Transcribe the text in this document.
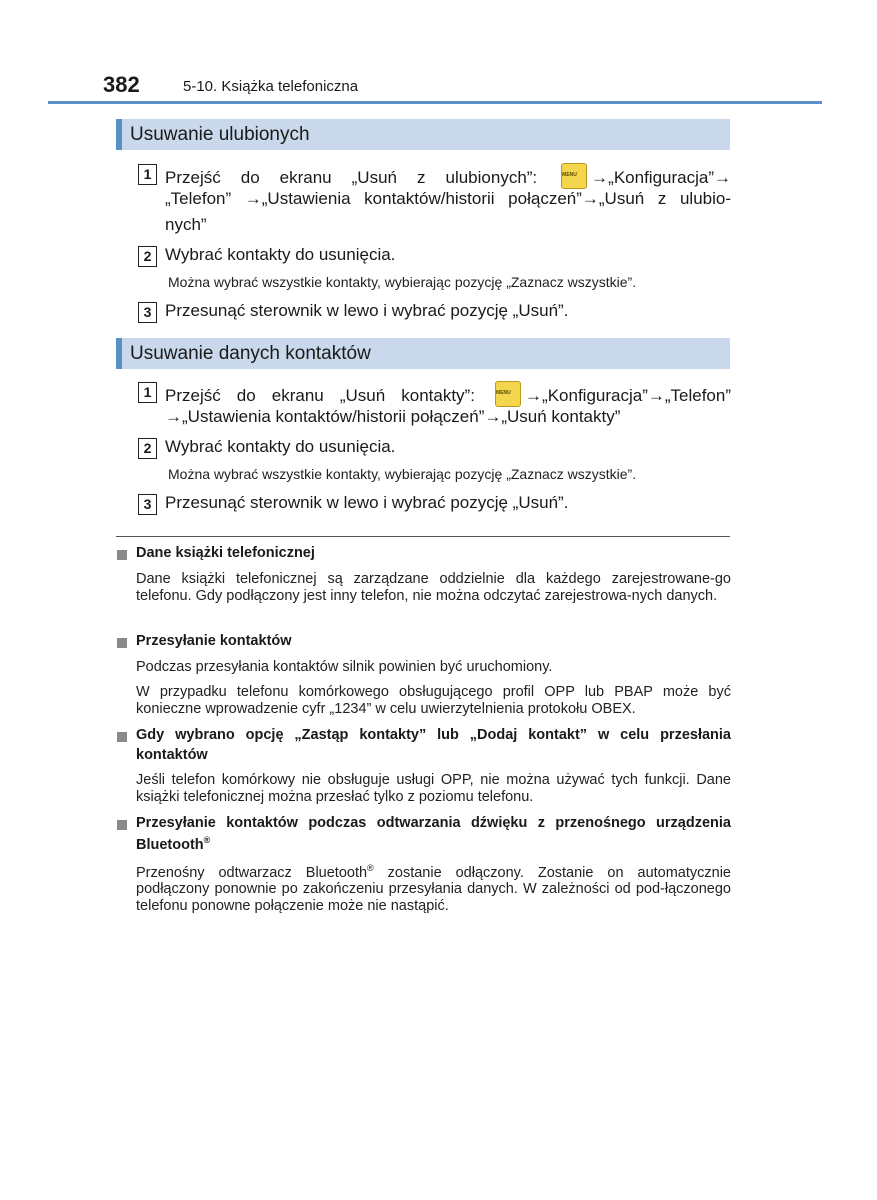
382	5-10. Książka telefoniczna
Usuwanie ulubionych
1 Przejść do ekranu „Usuń z ulubionych”:	MENU →„Konfiguracja”→
„Telefon” →„Ustawienia kontaktów/historii połączeń”→„Usuń z ulubio-
nych”
2 Wybrać kontakty do usunięcia.
Można wybrać wszystkie kontakty, wybierając pozycję „Zaznacz wszystkie”.
3 Przesunąć sterownik w lewo i wybrać pozycję „Usuń”.
Usuwanie danych kontaktów
1 Przejść do ekranu „Usuń kontakty”:	MENU →„Konfiguracja”→„Telefon”
→„Ustawienia kontaktów/historii połączeń”→„Usuń kontakty”
2 Wybrać kontakty do usunięcia.
Można wybrać wszystkie kontakty, wybierając pozycję „Zaznacz wszystkie”.
3 Przesunąć sterownik w lewo i wybrać pozycję „Usuń”.
Dane książki telefonicznej
Dane książki telefonicznej są zarządzane oddzielnie dla każdego zarejestrowane-go telefonu. Gdy podłączony jest inny telefon, nie można odczytać zarejestrowa-nych danych.
Przesyłanie kontaktów
Podczas przesyłania kontaktów silnik powinien być uruchomiony.
W przypadku telefonu komórkowego obsługującego profil OPP lub PBAP może być konieczne wprowadzenie cyfr „1234” w celu uwierzytelnienia protokołu OBEX.
Gdy wybrano opcję „Zastąp kontakty” lub „Dodaj kontakt” w celu przesłania
kontaktów
Jeśli telefon komórkowy nie obsługuje usługi OPP, nie można używać tych funkcji. Dane książki telefonicznej można przesłać tylko z poziomu telefonu.
Przesyłanie kontaktów podczas odtwarzania dźwięku z przenośnego urządzenia
Bluetooth®
Przenośny odtwarzacz Bluetooth® zostanie odłączony. Zostanie on automatycznie podłączony ponownie po zakończeniu przesyłania danych. W zależności od pod-łączonego telefonu ponowne połączenie może nie nastąpić.
